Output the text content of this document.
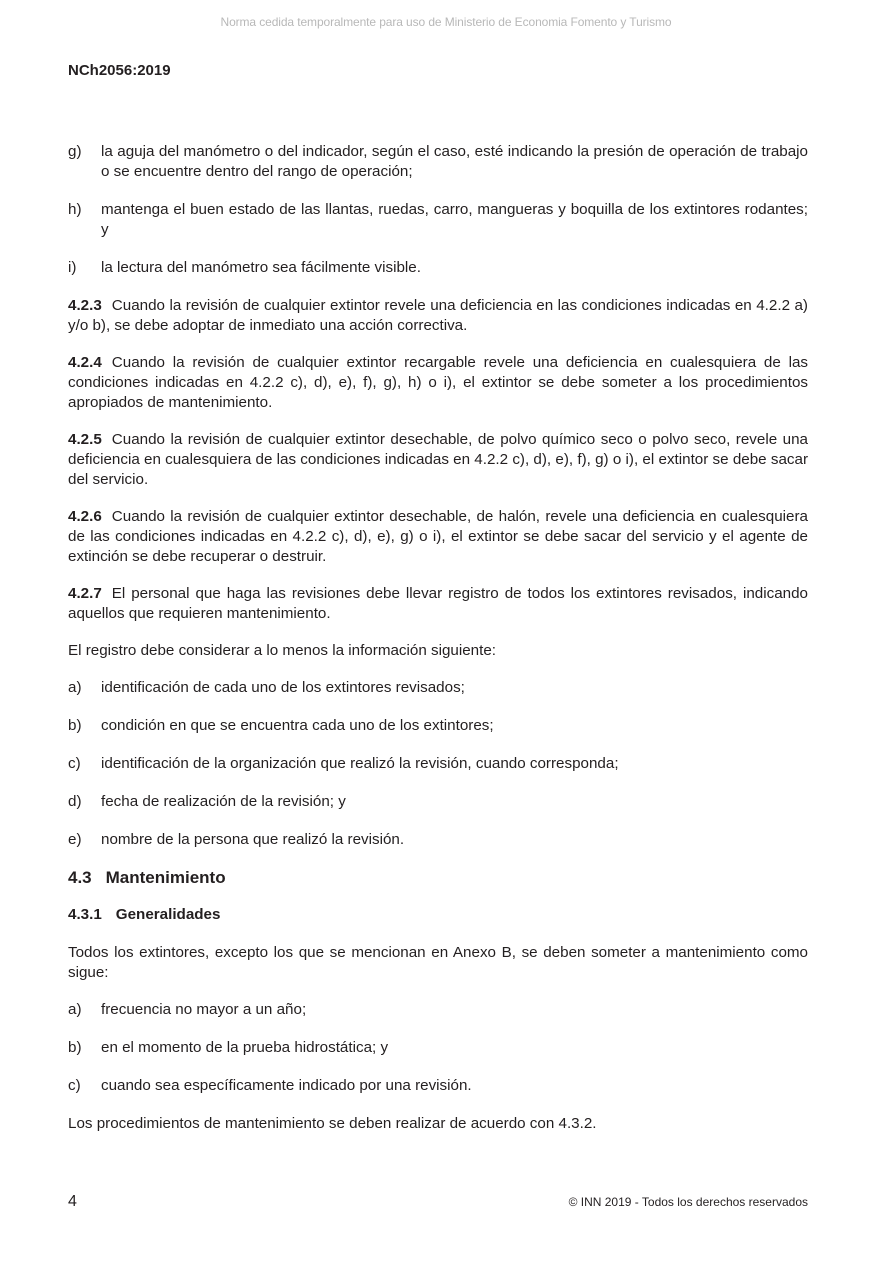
Norma cedida temporalmente para uso de Ministerio de Economia Fomento y Turismo
NCh2056:2019
g) la aguja del manómetro o del indicador, según el caso, esté indicando la presión de operación de trabajo o se encuentre dentro del rango de operación;
h) mantenga el buen estado de las llantas, ruedas, carro, mangueras y boquilla de los extintores rodantes; y
i) la lectura del manómetro sea fácilmente visible.
4.2.3 Cuando la revisión de cualquier extintor revele una deficiencia en las condiciones indicadas en 4.2.2 a) y/o b), se debe adoptar de inmediato una acción correctiva.
4.2.4 Cuando la revisión de cualquier extintor recargable revele una deficiencia en cualesquiera de las condiciones indicadas en 4.2.2 c), d), e), f), g), h) o i), el extintor se debe someter a los procedimientos apropiados de mantenimiento.
4.2.5 Cuando la revisión de cualquier extintor desechable, de polvo químico seco o polvo seco, revele una deficiencia en cualesquiera de las condiciones indicadas en 4.2.2 c), d), e), f), g) o i), el extintor se debe sacar del servicio.
4.2.6 Cuando la revisión de cualquier extintor desechable, de halón, revele una deficiencia en cualesquiera de las condiciones indicadas en 4.2.2 c), d), e), g) o i), el extintor se debe sacar del servicio y el agente de extinción se debe recuperar o destruir.
4.2.7 El personal que haga las revisiones debe llevar registro de todos los extintores revisados, indicando aquellos que requieren mantenimiento.
El registro debe considerar a lo menos la información siguiente:
a) identificación de cada uno de los extintores revisados;
b) condición en que se encuentra cada uno de los extintores;
c) identificación de la organización que realizó la revisión, cuando corresponda;
d) fecha de realización de la revisión; y
e) nombre de la persona que realizó la revisión.
4.3 Mantenimiento
4.3.1 Generalidades
Todos los extintores, excepto los que se mencionan en Anexo B, se deben someter a mantenimiento como sigue:
a) frecuencia no mayor a un año;
b) en el momento de la prueba hidrostática; y
c) cuando sea específicamente indicado por una revisión.
Los procedimientos de mantenimiento se deben realizar de acuerdo con 4.3.2.
4	© INN 2019 - Todos los derechos reservados
